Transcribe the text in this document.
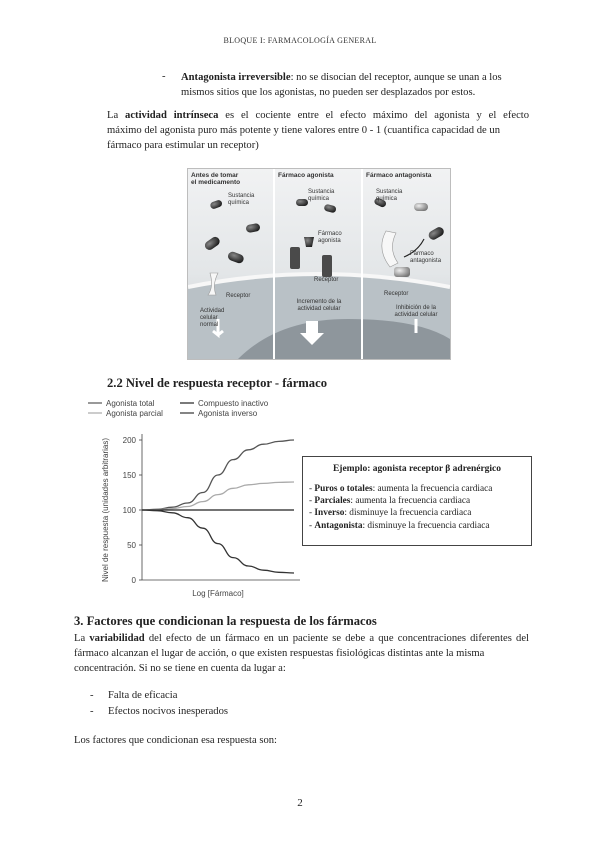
BLOQUE I: FARMACOLOGÍA GENERAL
- Antagonista irreversible: no se disocian del receptor, aunque se unan a los
mismos sitios que los agonistas, no pueden ser desplazados por estos.
La actividad intrínseca es el cociente entre el efecto máximo del agonista y el efecto
máximo del agonista puro más potente y tiene valores entre 0 - 1 (cuantifica capacidad de un
fármaco para estimular un receptor)
Antes de tomar
el medicamento
Fármaco agonista	Fármaco antagonista
Sustancia química
Receptor
Actividad celular normal
Sustancia química
Fármaco agonista
Receptor
Incremento de la actividad celular
Sustancia química
Fármaco antagonista
Receptor
Inhibición de la actividad celular
2.2 Nivel de respuesta receptor - fármaco
Agonista total	Compuesto inactivo
Agonista parcial	Agonista inverso
0
50
100
150
200
Log [Fármaco]
Nivel de respuesta (unidades arbitrarias)	Ejemplo: agonista receptor β adrenérgico
- Puros o totales: aumenta la frecuencia cardiaca
- Parciales: aumenta la frecuencia cardiaca
- Inverso: disminuye la frecuencia cardiaca
- Antagonista: disminuye la frecuencia cardiaca
3. Factores que condicionan la respuesta de los fármacos
La variabilidad del efecto de un fármaco en un paciente se debe a que concentraciones diferentes del
fármaco alcanzan el lugar de acción, o que existen respuestas fisiológicas distintas ante la misma
concentración. Si no se tiene en cuenta da lugar a:
- Falta de eficacia
- Efectos nocivos inesperados
Los factores que condicionan esa respuesta son:
2
